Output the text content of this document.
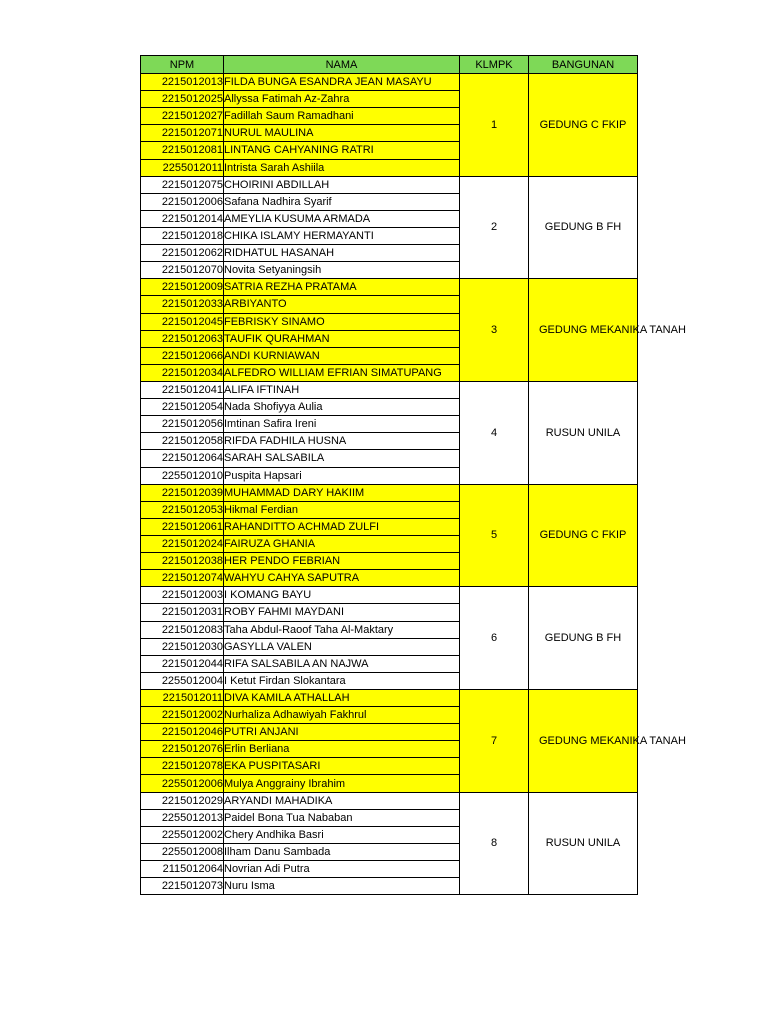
NPM	NAMA	KLMPK	BANGUNAN
2215012013	FILDA BUNGA ESANDRA JEAN MASAYU	1	GEDUNG C FKIP
2215012025	Allyssa Fatimah Az-Zahra		
2215012027	Fadillah Saum Ramadhani		
2215012071	NURUL MAULINA		
2215012081	LINTANG CAHYANING RATRI		
2255012011	Intrista Sarah Ashiila		
2215012075	CHOIRINI ABDILLAH	2	GEDUNG B FH
2215012006	Safana Nadhira Syarif		
2215012014	AMEYLIA KUSUMA ARMADA		
2215012018	CHIKA ISLAMY HERMAYANTI		
2215012062	RIDHATUL HASANAH		
2215012070	Novita Setyaningsih		
2215012009	SATRIA REZHA PRATAMA	3	GEDUNG MEKANIKA TANAH
2215012033	ARBIYANTO		
2215012045	FEBRISKY SINAMO		
2215012063	TAUFIK QURAHMAN		
2215012066	ANDI KURNIAWAN		
2215012034	ALFEDRO WILLIAM EFRIAN SIMATUPANG		
2215012041	ALIFA IFTINAH	4	RUSUN UNILA
2215012054	Nada Shofiyya Aulia		
2215012056	Imtinan Safira Ireni		
2215012058	RIFDA FADHILA HUSNA		
2215012064	SARAH SALSABILA		
2255012010	Puspita Hapsari		
2215012039	MUHAMMAD DARY HAKIIM	5	GEDUNG C FKIP
2215012053	Hikmal Ferdian		
2215012061	RAHANDITTO ACHMAD ZULFI		
2215012024	FAIRUZA GHANIA		
2215012038	HER PENDO FEBRIAN		
2215012074	WAHYU CAHYA SAPUTRA		
2215012003	I KOMANG BAYU	6	GEDUNG B FH
2215012031	ROBY FAHMI MAYDANI		
2215012083	Taha Abdul-Raoof Taha Al-Maktary		
2215012030	GASYLLA VALEN		
2215012044	RIFA SALSABILA AN NAJWA		
2255012004	I Ketut Firdan Slokantara		
2215012011	DIVA KAMILA ATHALLAH	7	GEDUNG MEKANIKA TANAH
2215012002	Nurhaliza Adhawiyah Fakhrul		
2215012046	PUTRI ANJANI		
2215012076	Erlin Berliana		
2215012078	EKA PUSPITASARI		
2255012006	Mulya Anggrainy Ibrahim		
2215012029	ARYANDI MAHADIKA	8	RUSUN UNILA
2255012013	Paidel Bona Tua Nababan		
2255012002	Chery Andhika Basri		
2255012008	Ilham Danu Sambada		
2115012064	Novrian Adi Putra		
2215012073	Nuru Isma		
